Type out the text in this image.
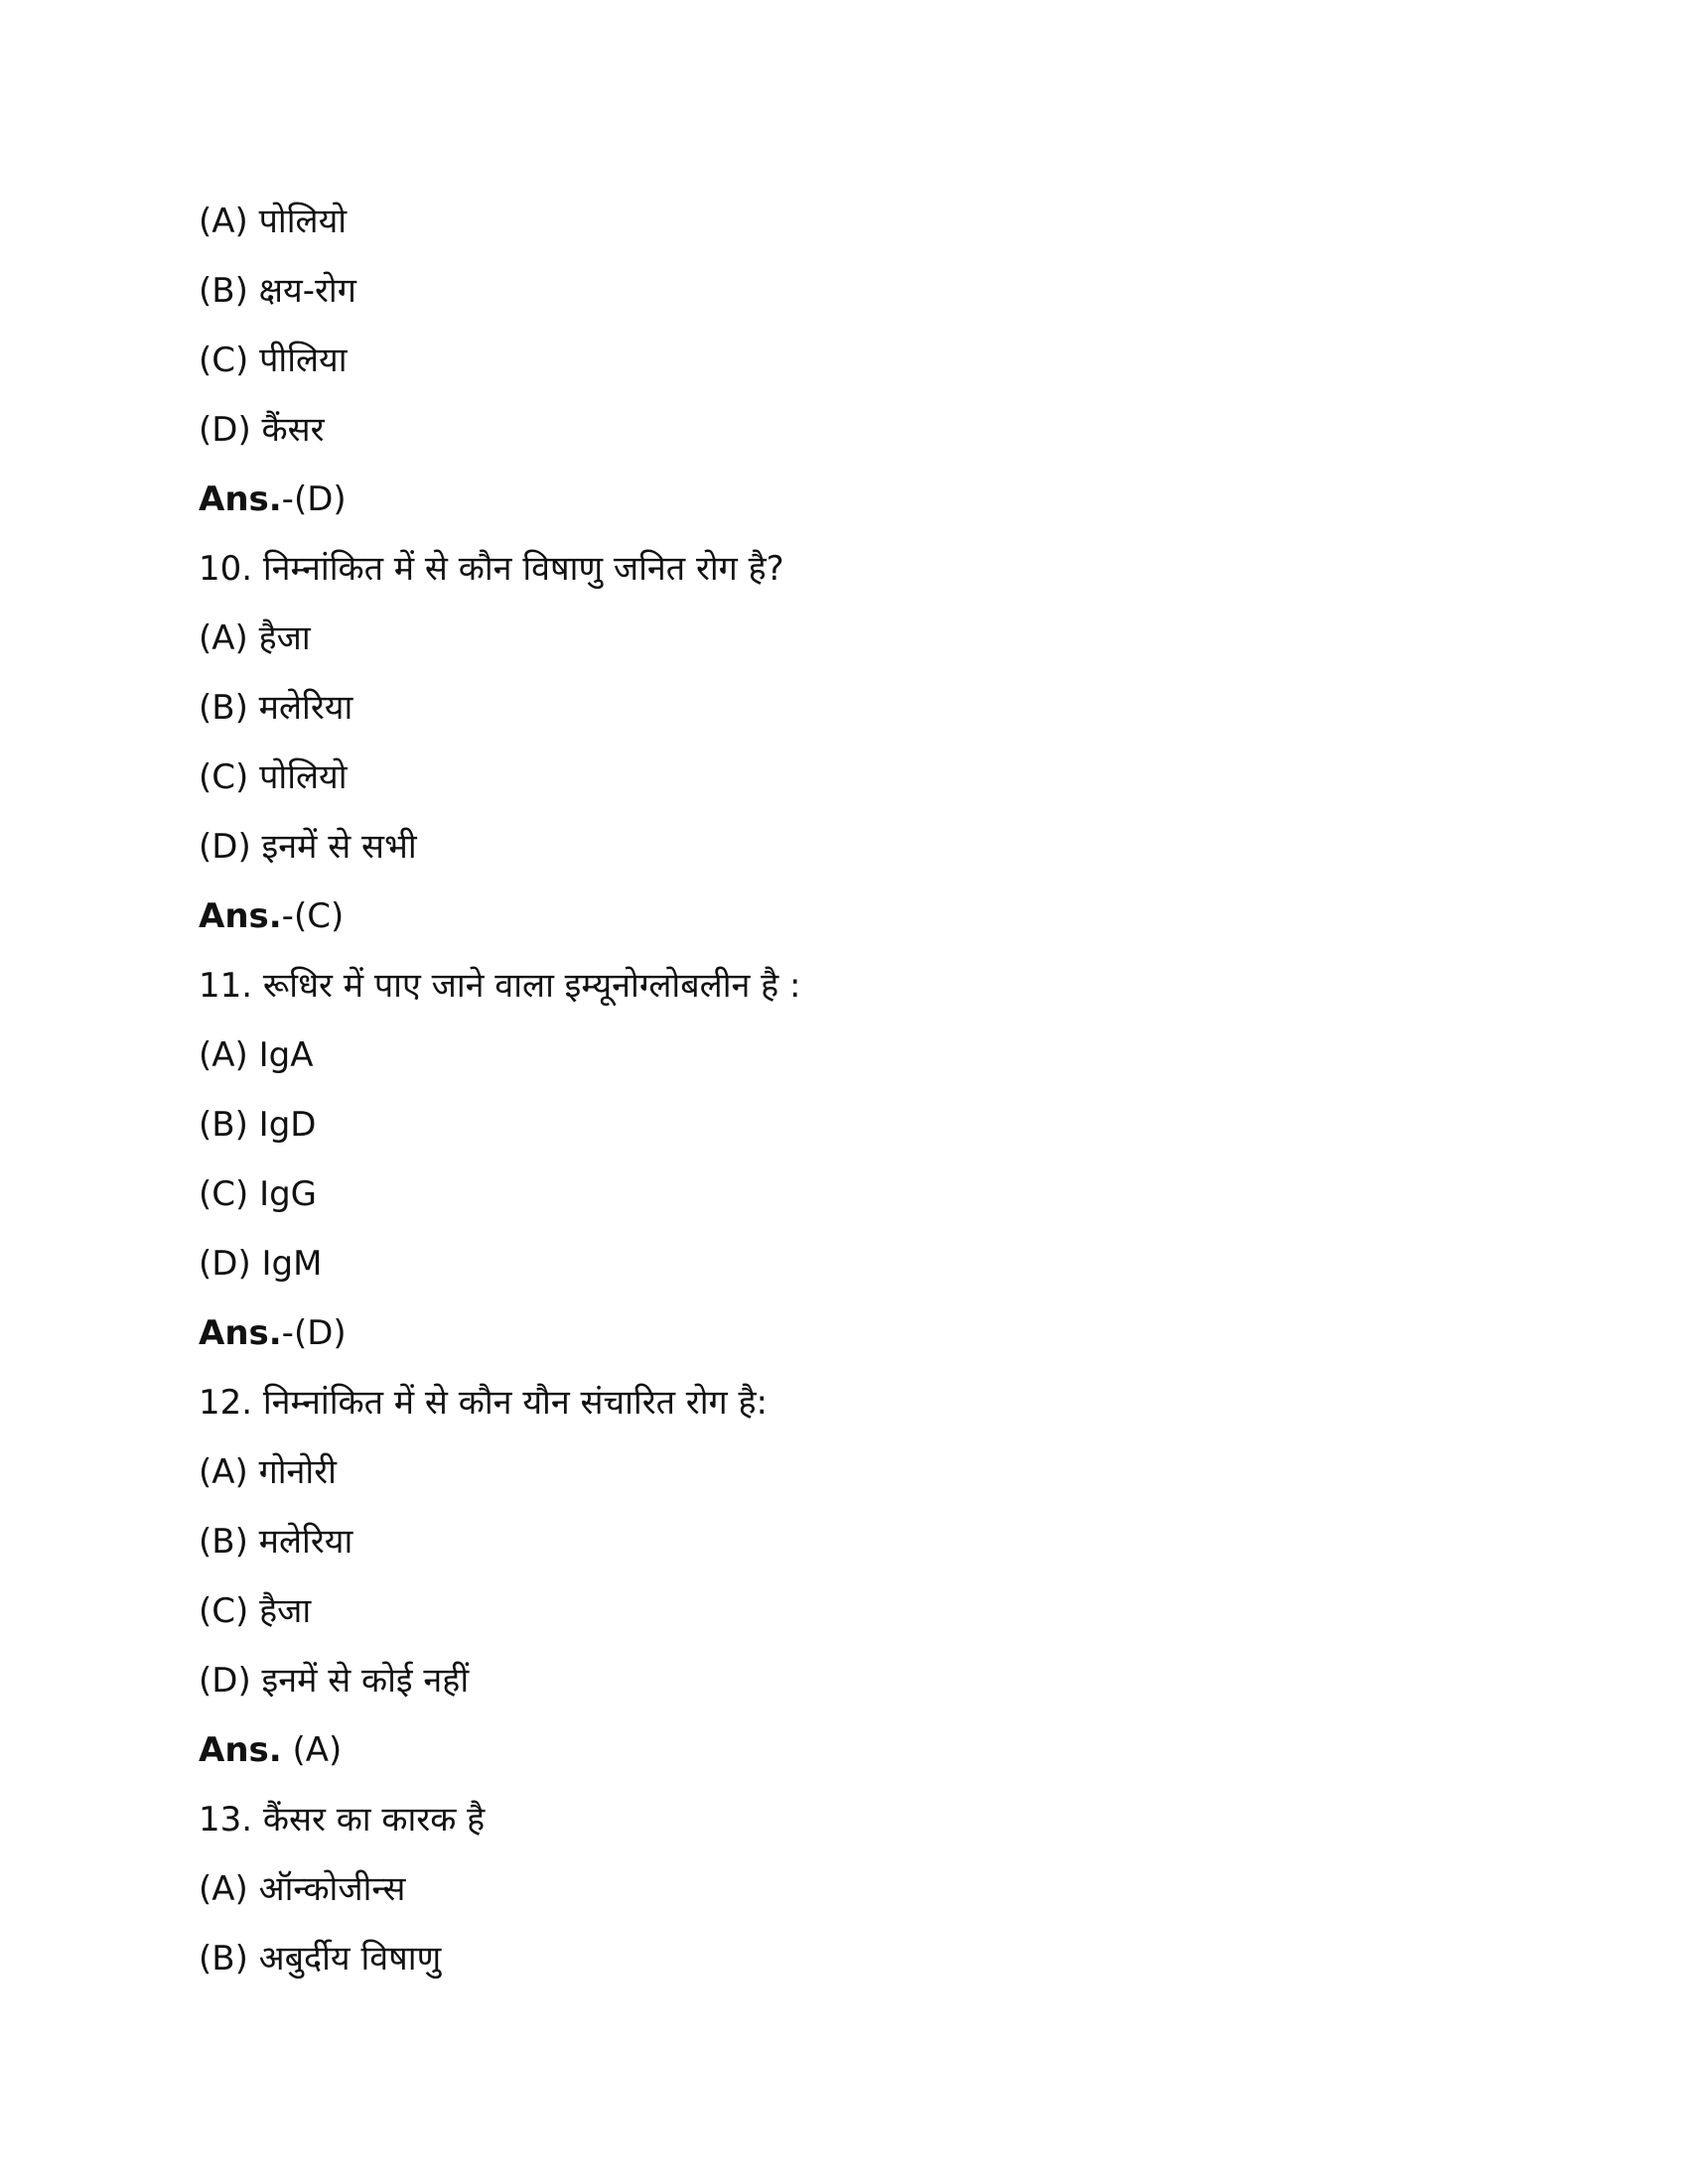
(A) पोलियो
(B) क्षय-रोग
(C) पीलिया
(D) कैंसर
Ans.-(D)
10. निम्नांकित में से कौन विषाणु जनित रोग है?
(A) हैजा
(B) मलेरिया
(C) पोलियो
(D) इनमें से सभी
Ans.-(C)
11. रूधिर में पाए जाने वाला इम्यूनोग्लोबलीन है :
(A) IgA
(B) IgD
(C) IgG
(D) IgM
Ans.-(D)
12. निम्नांकित में से कौन यौन संचारित रोग है:
(A) गोनोरी
(B) मलेरिया
(C) हैजा
(D) इनमें से कोई नहीं
Ans. (A)
13. कैंसर का कारक है
(A) ऑन्कोजीन्स
(B) अबुर्दीय विषाणु
